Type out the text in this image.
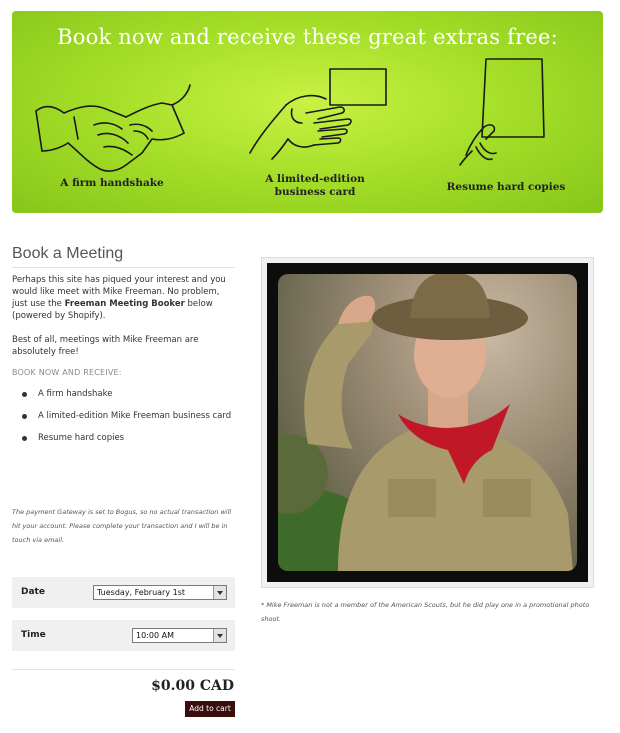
Book now and receive these great extras free:
A firm handshake	A limited-edition
business card	Resume hard copies
Book a Meeting
Perhaps this site has piqued your interest and you would like meet with Mike Freeman. No problem, just use the Freeman Meeting Booker below (powered by Shopify).
Best of all, meetings with Mike Freeman are absolutely free!
BOOK NOW AND RECEIVE:
A firm handshake
A limited-edition Mike Freeman business card
Resume hard copies
The payment Gateway is set to Bogus, so no actual transaction will hit your account. Please complete your transaction and I will be in touch via email.
Date	Tuesday, February 1st
Time	10:00 AM
$0.00 CAD
Add to cart
* Mike Freeman is not a member of the American Scouts, but he did play one in a promotional photo shoot.
